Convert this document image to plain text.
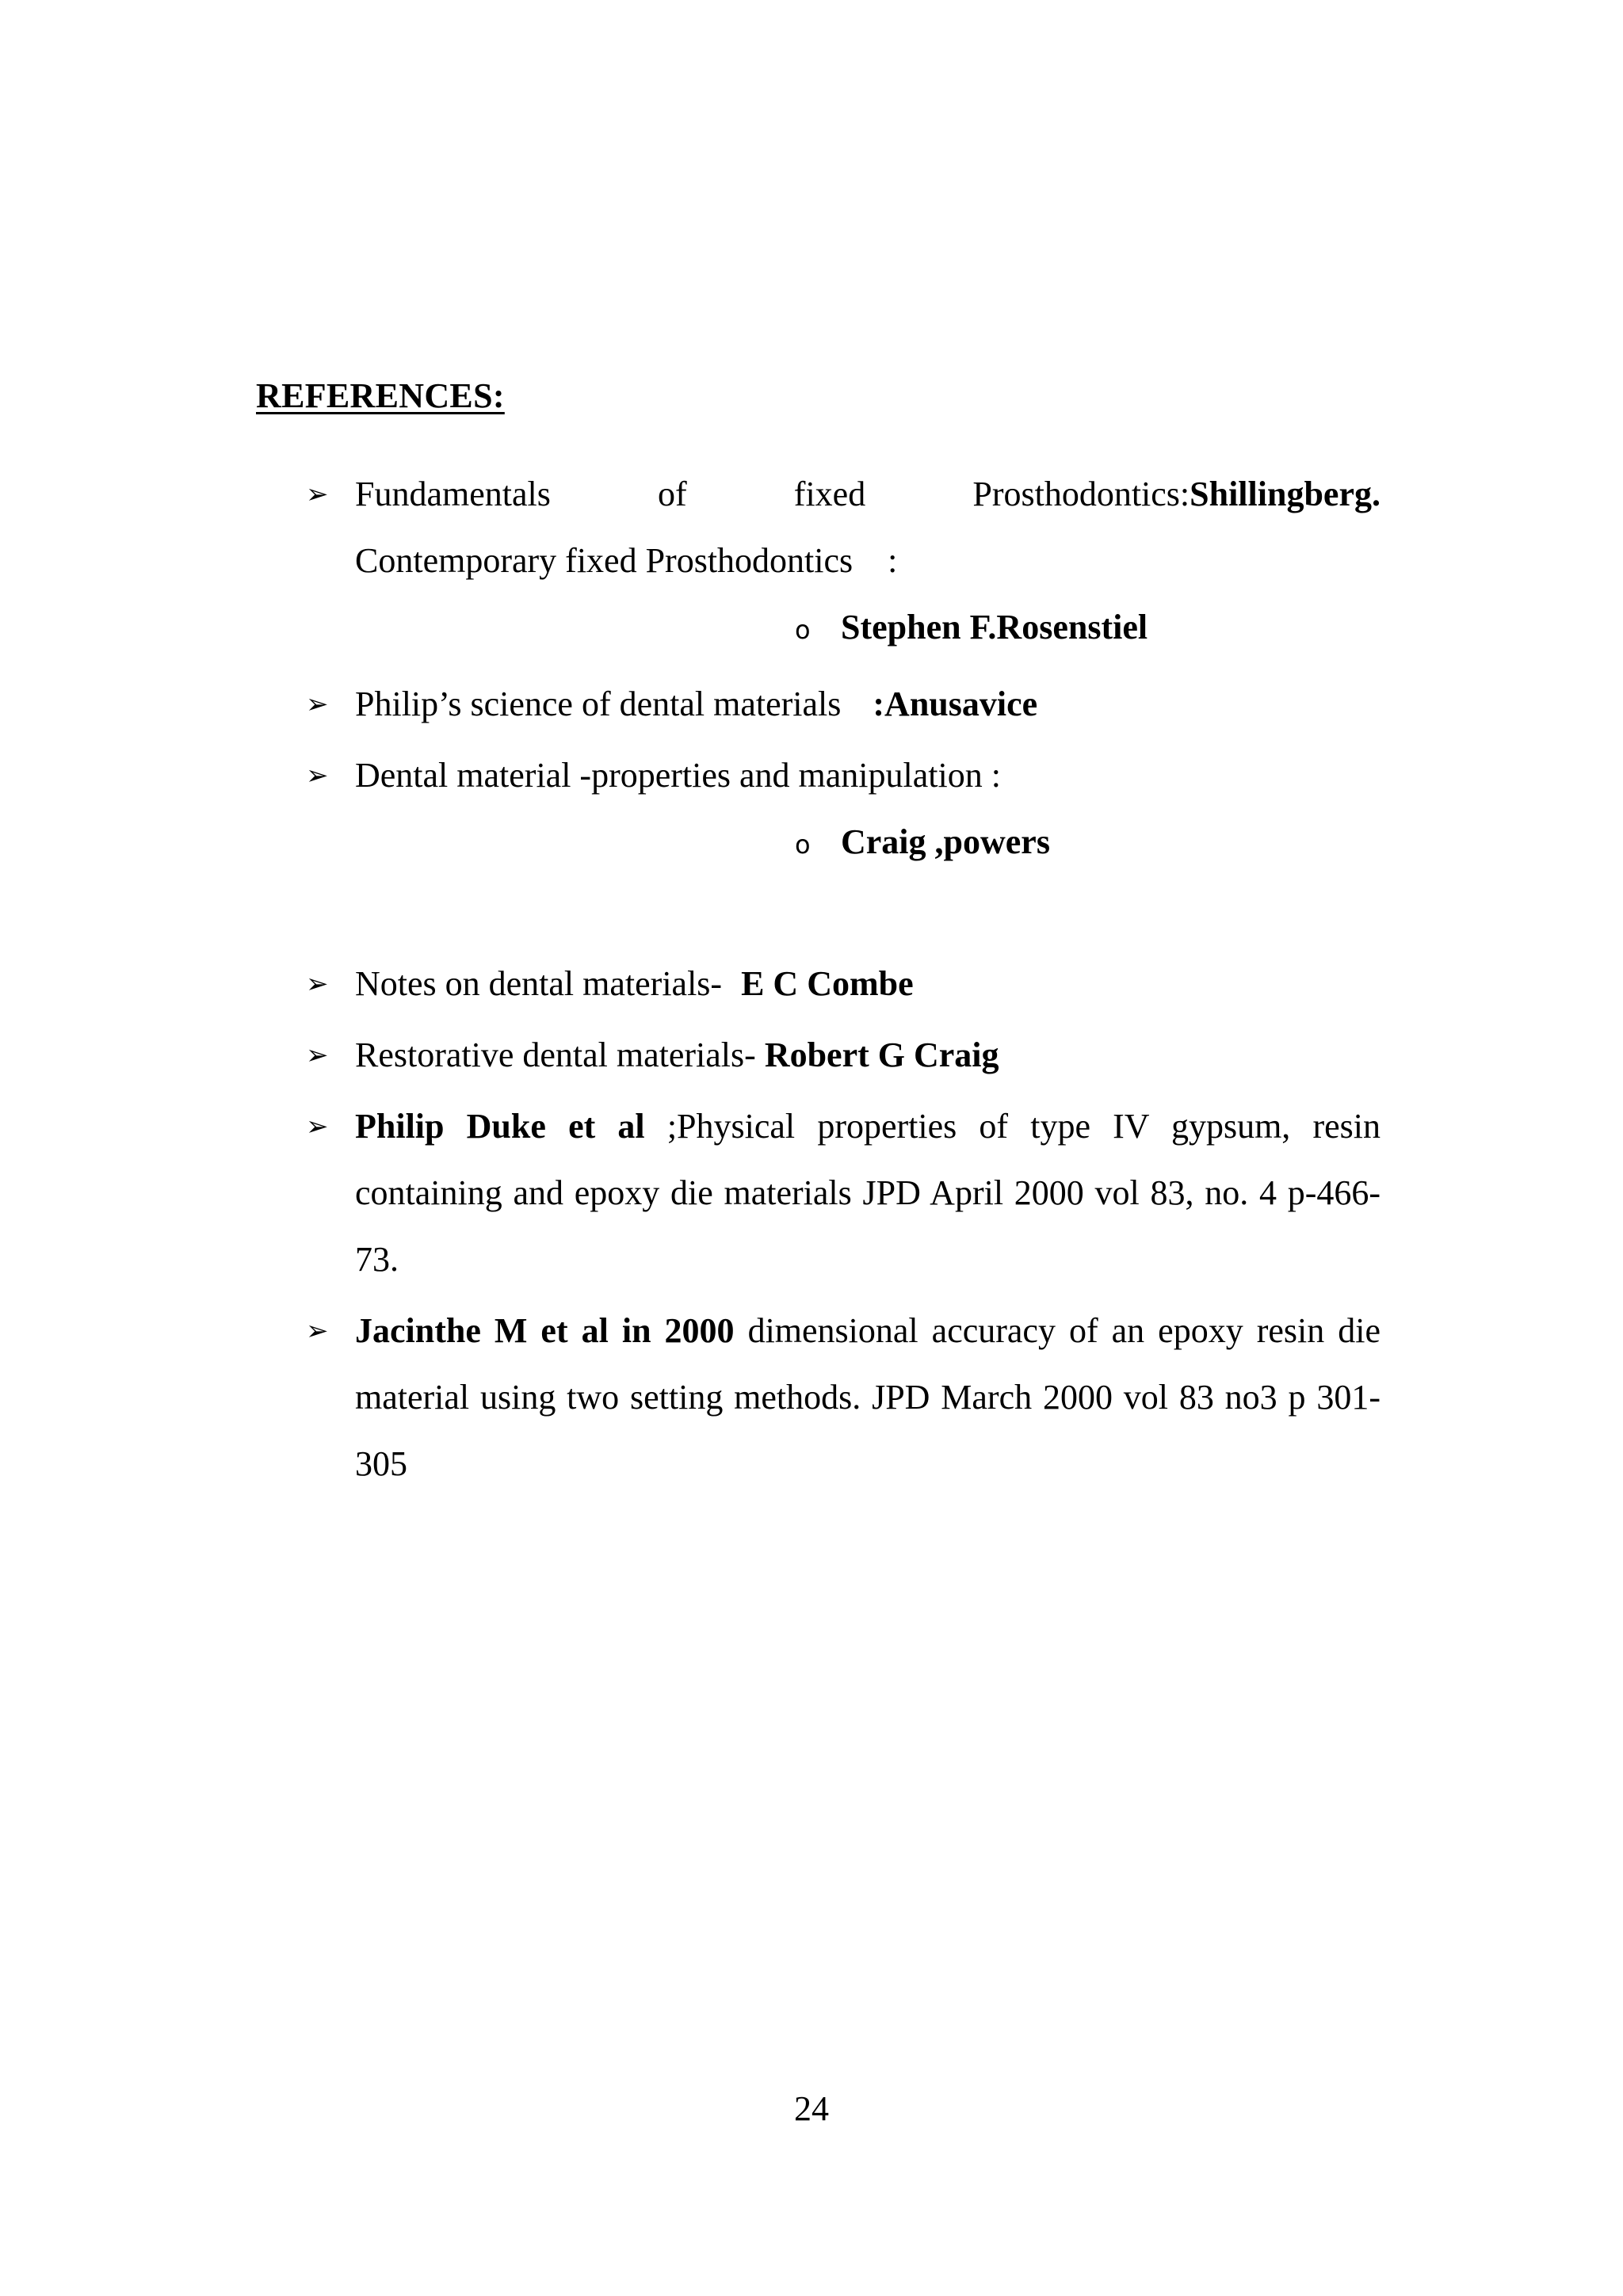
REFERENCES:
➢ Fundamentals	of	fixed	Prosthodontics:Shillingberg.
Contemporary fixed Prosthodontics :
o Stephen F.Rosenstiel
➢ Philip’s science of dental materials :Anusavice
➢ Dental material -properties and manipulation :
o Craig ,powers
➢ Notes on dental materials- E C Combe
➢ Restorative dental materials- Robert G Craig
➢ Philip Duke et al ;Physical properties of type IV gypsum, resin containing and epoxy die materials JPD April 2000 vol 83, no. 4 p-466-73.
➢ Jacinthe M et al in 2000 dimensional accuracy of an epoxy resin die material using two setting methods. JPD March 2000 vol 83 no3 p 301-305
24
